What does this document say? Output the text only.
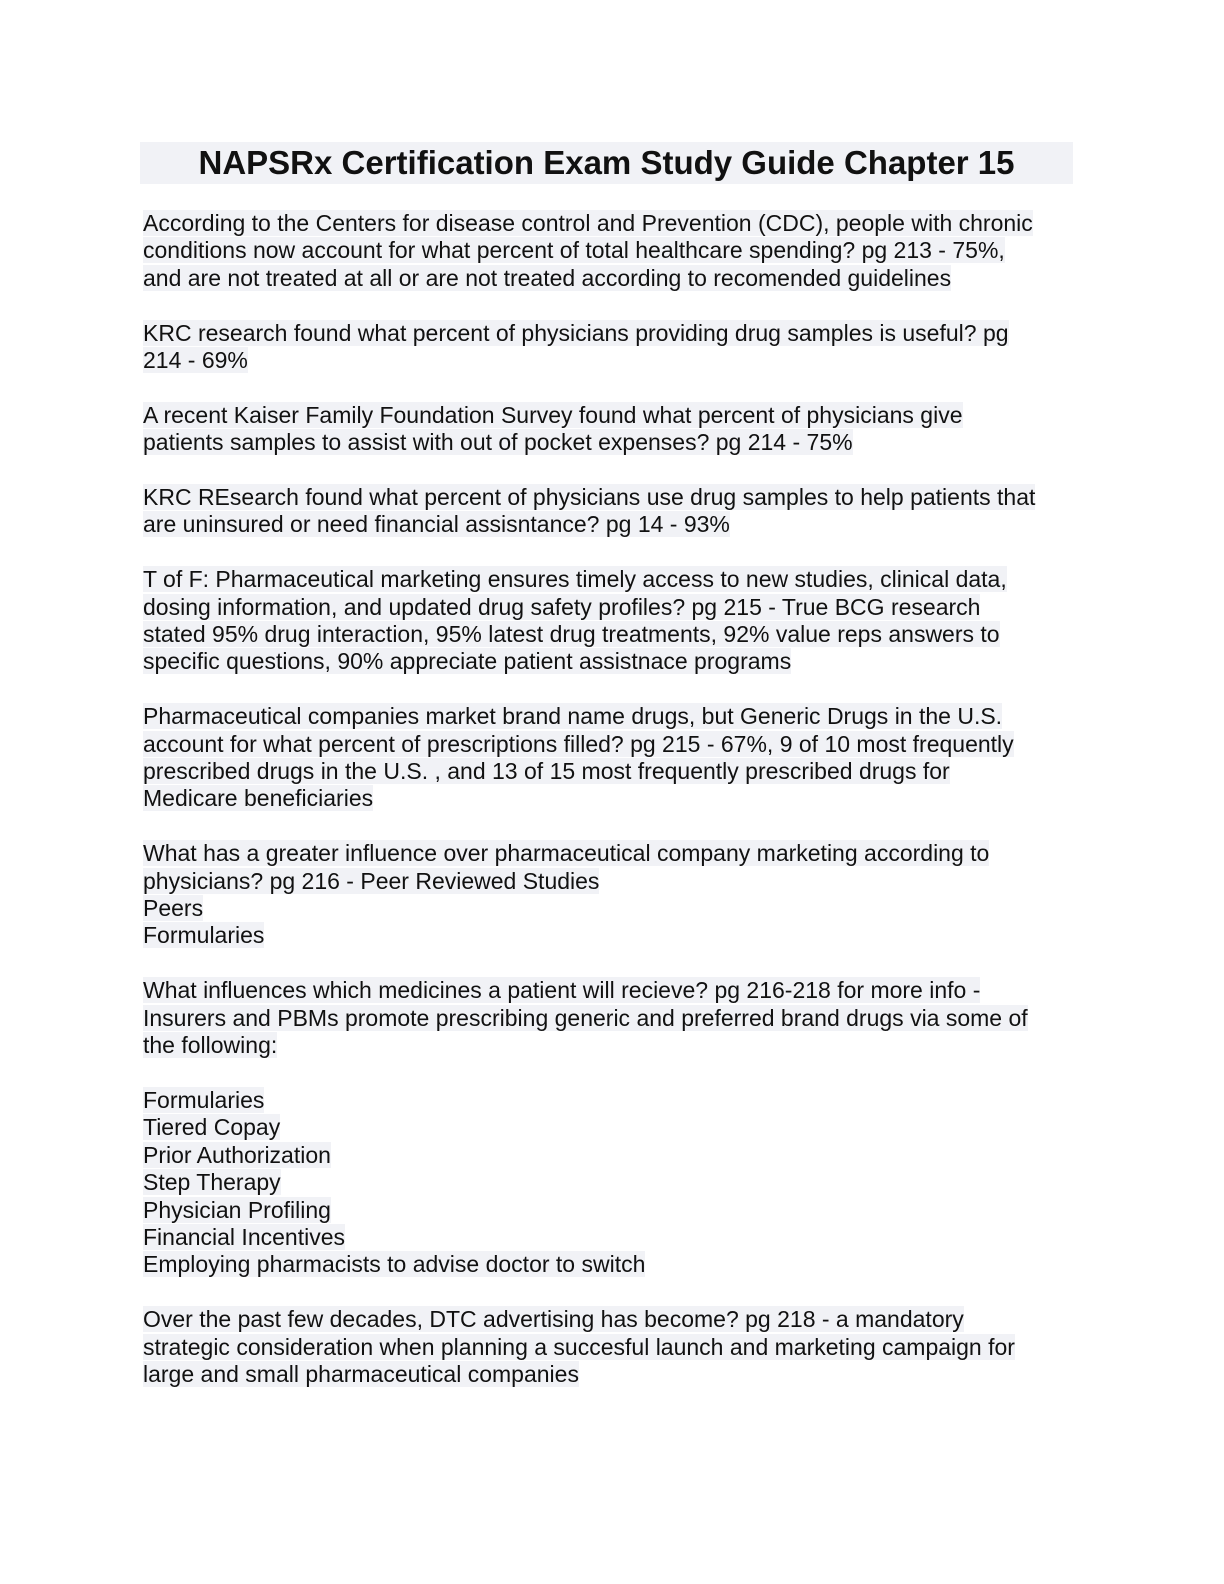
NAPSRx Certification Exam Study Guide Chapter 15
According to the Centers for disease control and Prevention (CDC), people with chronic
conditions now account for what percent of total healthcare spending? pg 213 - 75%,
and are not treated at all or are not treated according to recomended guidelines
KRC research found what percent of physicians providing drug samples is useful? pg
214 - 69%
A recent Kaiser Family Foundation Survey found what percent of physicians give
patients samples to assist with out of pocket expenses? pg 214 - 75%
KRC REsearch found what percent of physicians use drug samples to help patients that
are uninsured or need financial assisntance? pg 14 - 93%
T of F: Pharmaceutical marketing ensures timely access to new studies, clinical data,
dosing information, and updated drug safety profiles? pg 215 - True BCG research
stated 95% drug interaction, 95% latest drug treatments, 92% value reps answers to
specific questions, 90% appreciate patient assistnace programs
Pharmaceutical companies market brand name drugs, but Generic Drugs in the U.S.
account for what percent of prescriptions filled? pg 215 - 67%, 9 of 10 most frequently
prescribed drugs in the U.S. , and 13 of 15 most frequently prescribed drugs for
Medicare beneficiaries
What has a greater influence over pharmaceutical company marketing according to
physicians? pg 216 - Peer Reviewed Studies
Peers
Formularies
What influences which medicines a patient will recieve? pg 216-218 for more info -
Insurers and PBMs promote prescribing generic and preferred brand drugs via some of
the following:
Formularies
Tiered Copay
Prior Authorization
Step Therapy
Physician Profiling
Financial Incentives
Employing pharmacists to advise doctor to switch
Over the past few decades, DTC advertising has become? pg 218 - a mandatory
strategic consideration when planning a succesful launch and marketing campaign for
large and small pharmaceutical companies
